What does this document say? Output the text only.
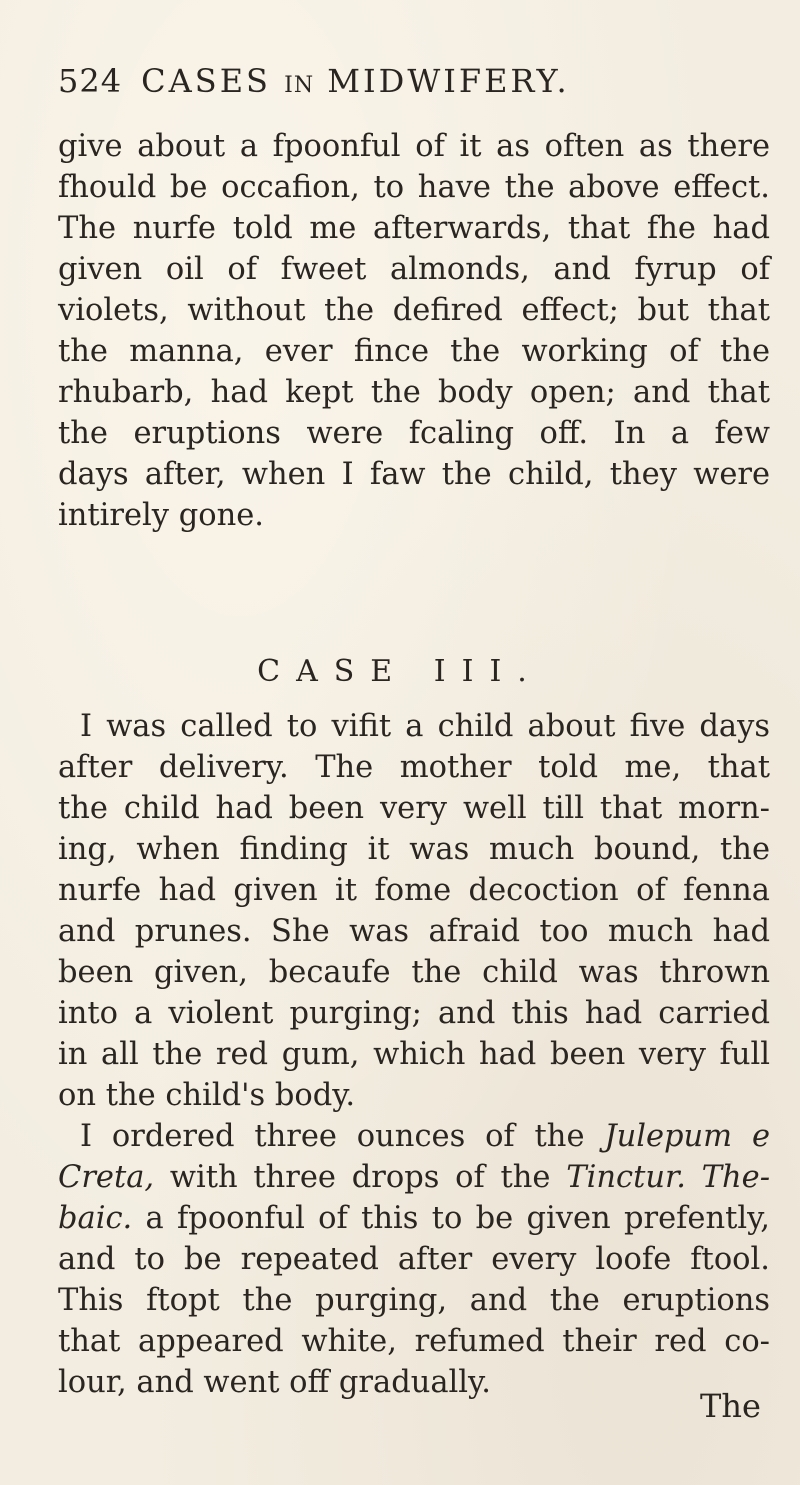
524 CASES IN MIDWIFERY.
give about a fpoonful of it as often as there
fhould be occafion, to have the above effect.
The nurfe told me afterwards, that fhe had
given oil of fweet almonds, and fyrup of
violets, without the defired effect; but that
the manna, ever fince the working of the
rhubarb, had kept the body open; and that
the eruptions were fcaling off. In a few
days after, when I faw the child, they were
intirely gone.
CASE III.
I was called to vifit a child about five days
after delivery. The mother told me, that
the child had been very well till that morn-
ing, when finding it was much bound, the
nurfe had given it fome decoction of fenna
and prunes. She was afraid too much had
been given, becaufe the child was thrown
into a violent purging; and this had carried
in all the red gum, which had been very full
on the child's body.
I ordered three ounces of the Julepum e
Creta, with three drops of the Tinctur. The-
baic. a fpoonful of this to be given prefently,
and to be repeated after every loofe ftool.
This ftopt the purging, and the eruptions
that appeared white, refumed their red co-
lour, and went off gradually.
The
